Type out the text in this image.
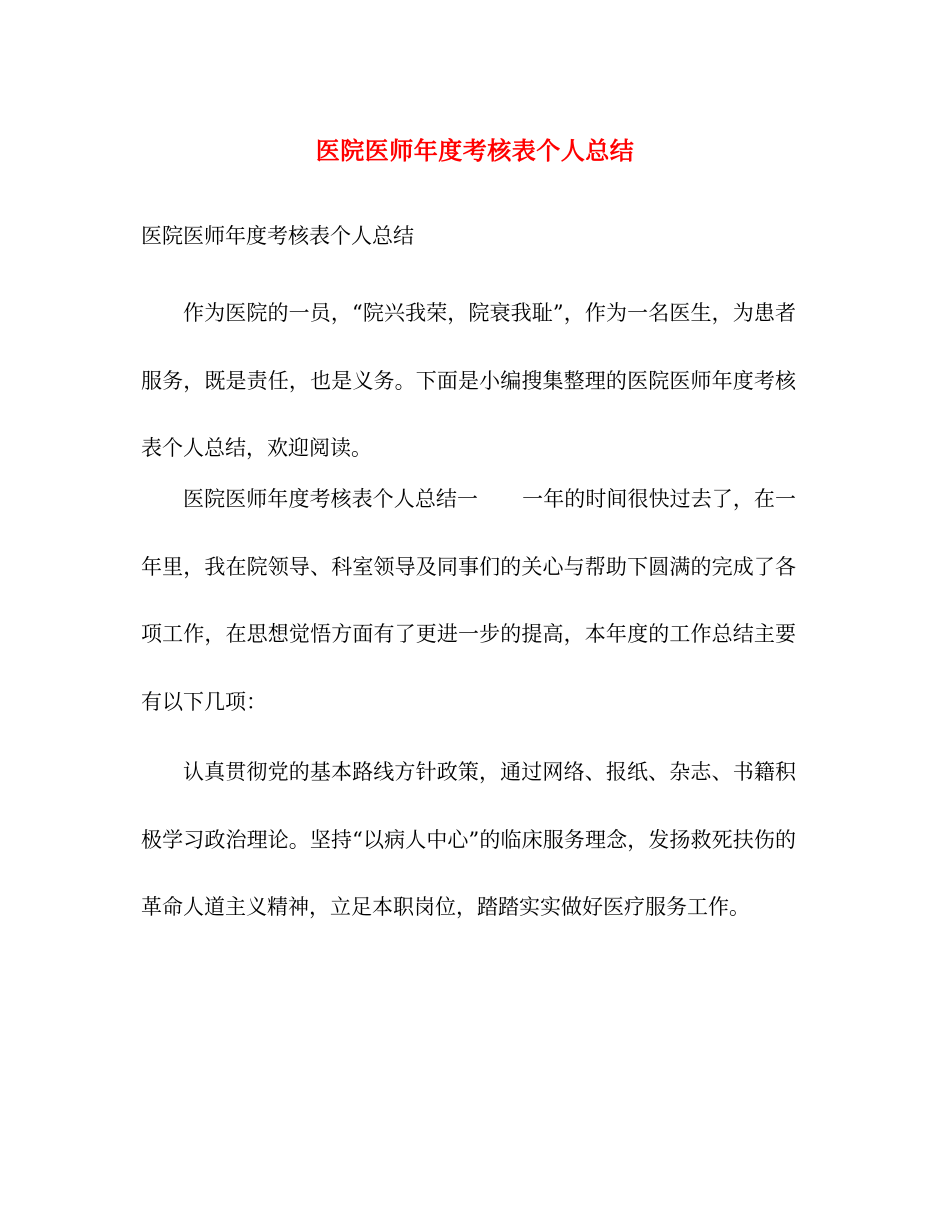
医院医师年度考核表个人总结
医院医师年度考核表个人总结
作为医院的一员，“院兴我荣，院衰我耻”，作为一名医生，为患者服务，既是责任，也是义务。下面是小编搜集整理的医院医师年度考核表个人总结，欢迎阅读。
医院医师年度考核表个人总结一 一年的时间很快过去了，在一年里，我在院领导、科室领导及同事们的关心与帮助下圆满的完成了各项工作，在思想觉悟方面有了更进一步的提高，本年度的工作总结主要有以下几项：
认真贯彻党的基本路线方针政策，通过网络、报纸、杂志、书籍积极学习政治理论。坚持“以病人中心”的临床服务理念，发扬救死扶伤的革命人道主义精神，立足本职岗位，踏踏实实做好医疗服务工作。
